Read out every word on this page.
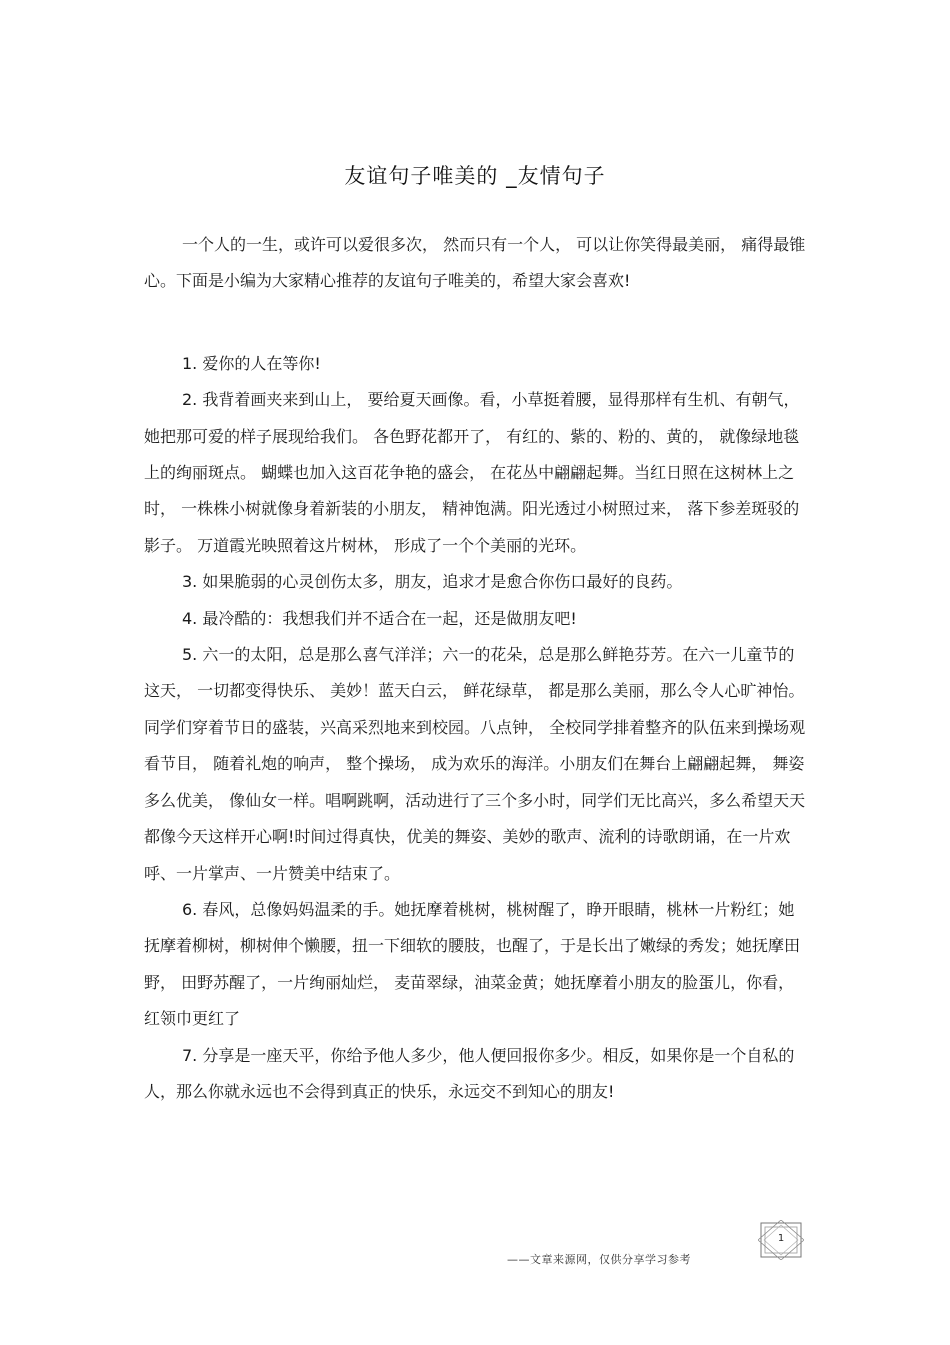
友谊句子唯美的 _友情句子

一个人的一生，或许可以爱很多次， 然而只有一个人， 可以让你笑得最美丽， 痛得最锥心。下面是小编为大家精心推荐的友谊句子唯美的，希望大家会喜欢!

1. 爱你的人在等你!

2. 我背着画夹来到山上， 要给夏天画像。看，小草挺着腰，显得那样有生机、有朝气，她把那可爱的样子展现给我们。 各色野花都开了， 有红的、紫的、粉的、黄的， 就像绿地毯上的绚丽斑点。 蝴蝶也加入这百花争艳的盛会， 在花丛中翩翩起舞。当红日照在这树林上之时， 一株株小树就像身着新装的小朋友， 精神饱满。阳光透过小树照过来， 落下参差斑驳的影子。 万道霞光映照着这片树林， 形成了一个个美丽的光环。

3. 如果脆弱的心灵创伤太多，朋友，追求才是愈合你伤口最好的良药。

4. 最冷酷的：我想我们并不适合在一起，还是做朋友吧!

5. 六一的太阳，总是那么喜气洋洋；六一的花朵，总是那么鲜艳芬芳。在六一儿童节的这天， 一切都变得快乐、 美妙！蓝天白云， 鲜花绿草， 都是那么美丽，那么令人心旷神怡。同学们穿着节日的盛装，兴高采烈地来到校园。八点钟， 全校同学排着整齐的队伍来到操场观看节目， 随着礼炮的响声， 整个操场， 成为欢乐的海洋。小朋友们在舞台上翩翩起舞， 舞姿多么优美， 像仙女一样。唱啊跳啊，活动进行了三个多小时，同学们无比高兴，多么希望天天都像今天这样开心啊!时间过得真快，优美的舞姿、美妙的歌声、流利的诗歌朗诵，在一片欢呼、一片掌声、一片赞美中结束了。

6. 春风，总像妈妈温柔的手。她抚摩着桃树，桃树醒了，睁开眼睛，桃林一片粉红；她抚摩着柳树，柳树伸个懒腰，扭一下细软的腰肢，也醒了，于是长出了嫩绿的秀发；她抚摩田野， 田野苏醒了，一片绚丽灿烂， 麦苗翠绿，油菜金黄；她抚摩着小朋友的脸蛋儿，你看，红领巾更红了

7. 分享是一座天平，你给予他人多少，他人便回报你多少。相反，如果你是一个自私的人，那么你就永远也不会得到真正的快乐，永远交不到知心的朋友!

——文章来源网，仅供分享学习参考
1
